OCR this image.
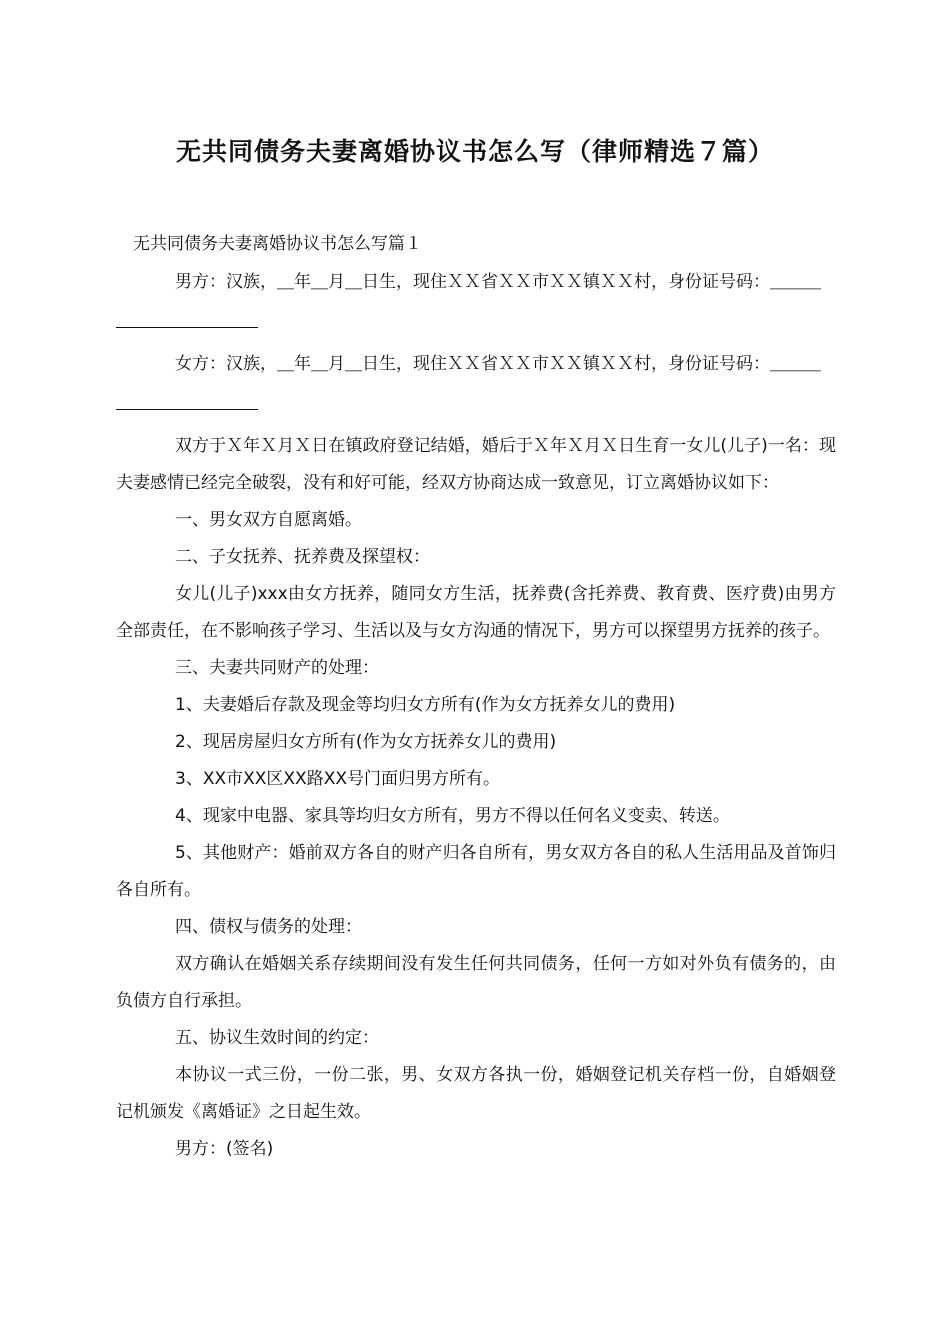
无共同债务夫妻离婚协议书怎么写（律师精选７篇）

无共同债务夫妻离婚协议书怎么写篇１

男方：汉族，＿年＿月＿日生，现住ＸＸ省ＸＸ市ＸＸ镇ＸＸ村，身份证号码：＿＿＿

女方：汉族，＿年＿月＿日生，现住ＸＸ省ＸＸ市ＸＸ镇ＸＸ村，身份证号码：＿＿＿

双方于Ｘ年Ｘ月Ｘ日在镇政府登记结婚，婚后于Ｘ年Ｘ月Ｘ日生育一女儿(儿子)一名：现夫妻感情已经完全破裂，没有和好可能，经双方协商达成一致意见，订立离婚协议如下：

一、男女双方自愿离婚。

二、子女抚养、抚养费及探望权：

女儿(儿子)xxx由女方抚养，随同女方生活，抚养费(含托养费、教育费、医疗费)由男方全部责任，在不影响孩子学习、生活以及与女方沟通的情况下，男方可以探望男方抚养的孩子。

三、夫妻共同财产的处理：

1、夫妻婚后存款及现金等均归女方所有(作为女方抚养女儿的费用)

2、现居房屋归女方所有(作为女方抚养女儿的费用)

3、XX市XX区XX路XX号门面归男方所有。

4、现家中电器、家具等均归女方所有，男方不得以任何名义变卖、转送。

5、其他财产：婚前双方各自的财产归各自所有，男女双方各自的私人生活用品及首饰归各自所有。

四、债权与债务的处理：

双方确认在婚姻关系存续期间没有发生任何共同债务，任何一方如对外负有债务的，由负债方自行承担。

五、协议生效时间的约定：

本协议一式三份，一份二张，男、女双方各执一份，婚姻登记机关存档一份，自婚姻登记机颁发《离婚证》之日起生效。

男方：(签名)
